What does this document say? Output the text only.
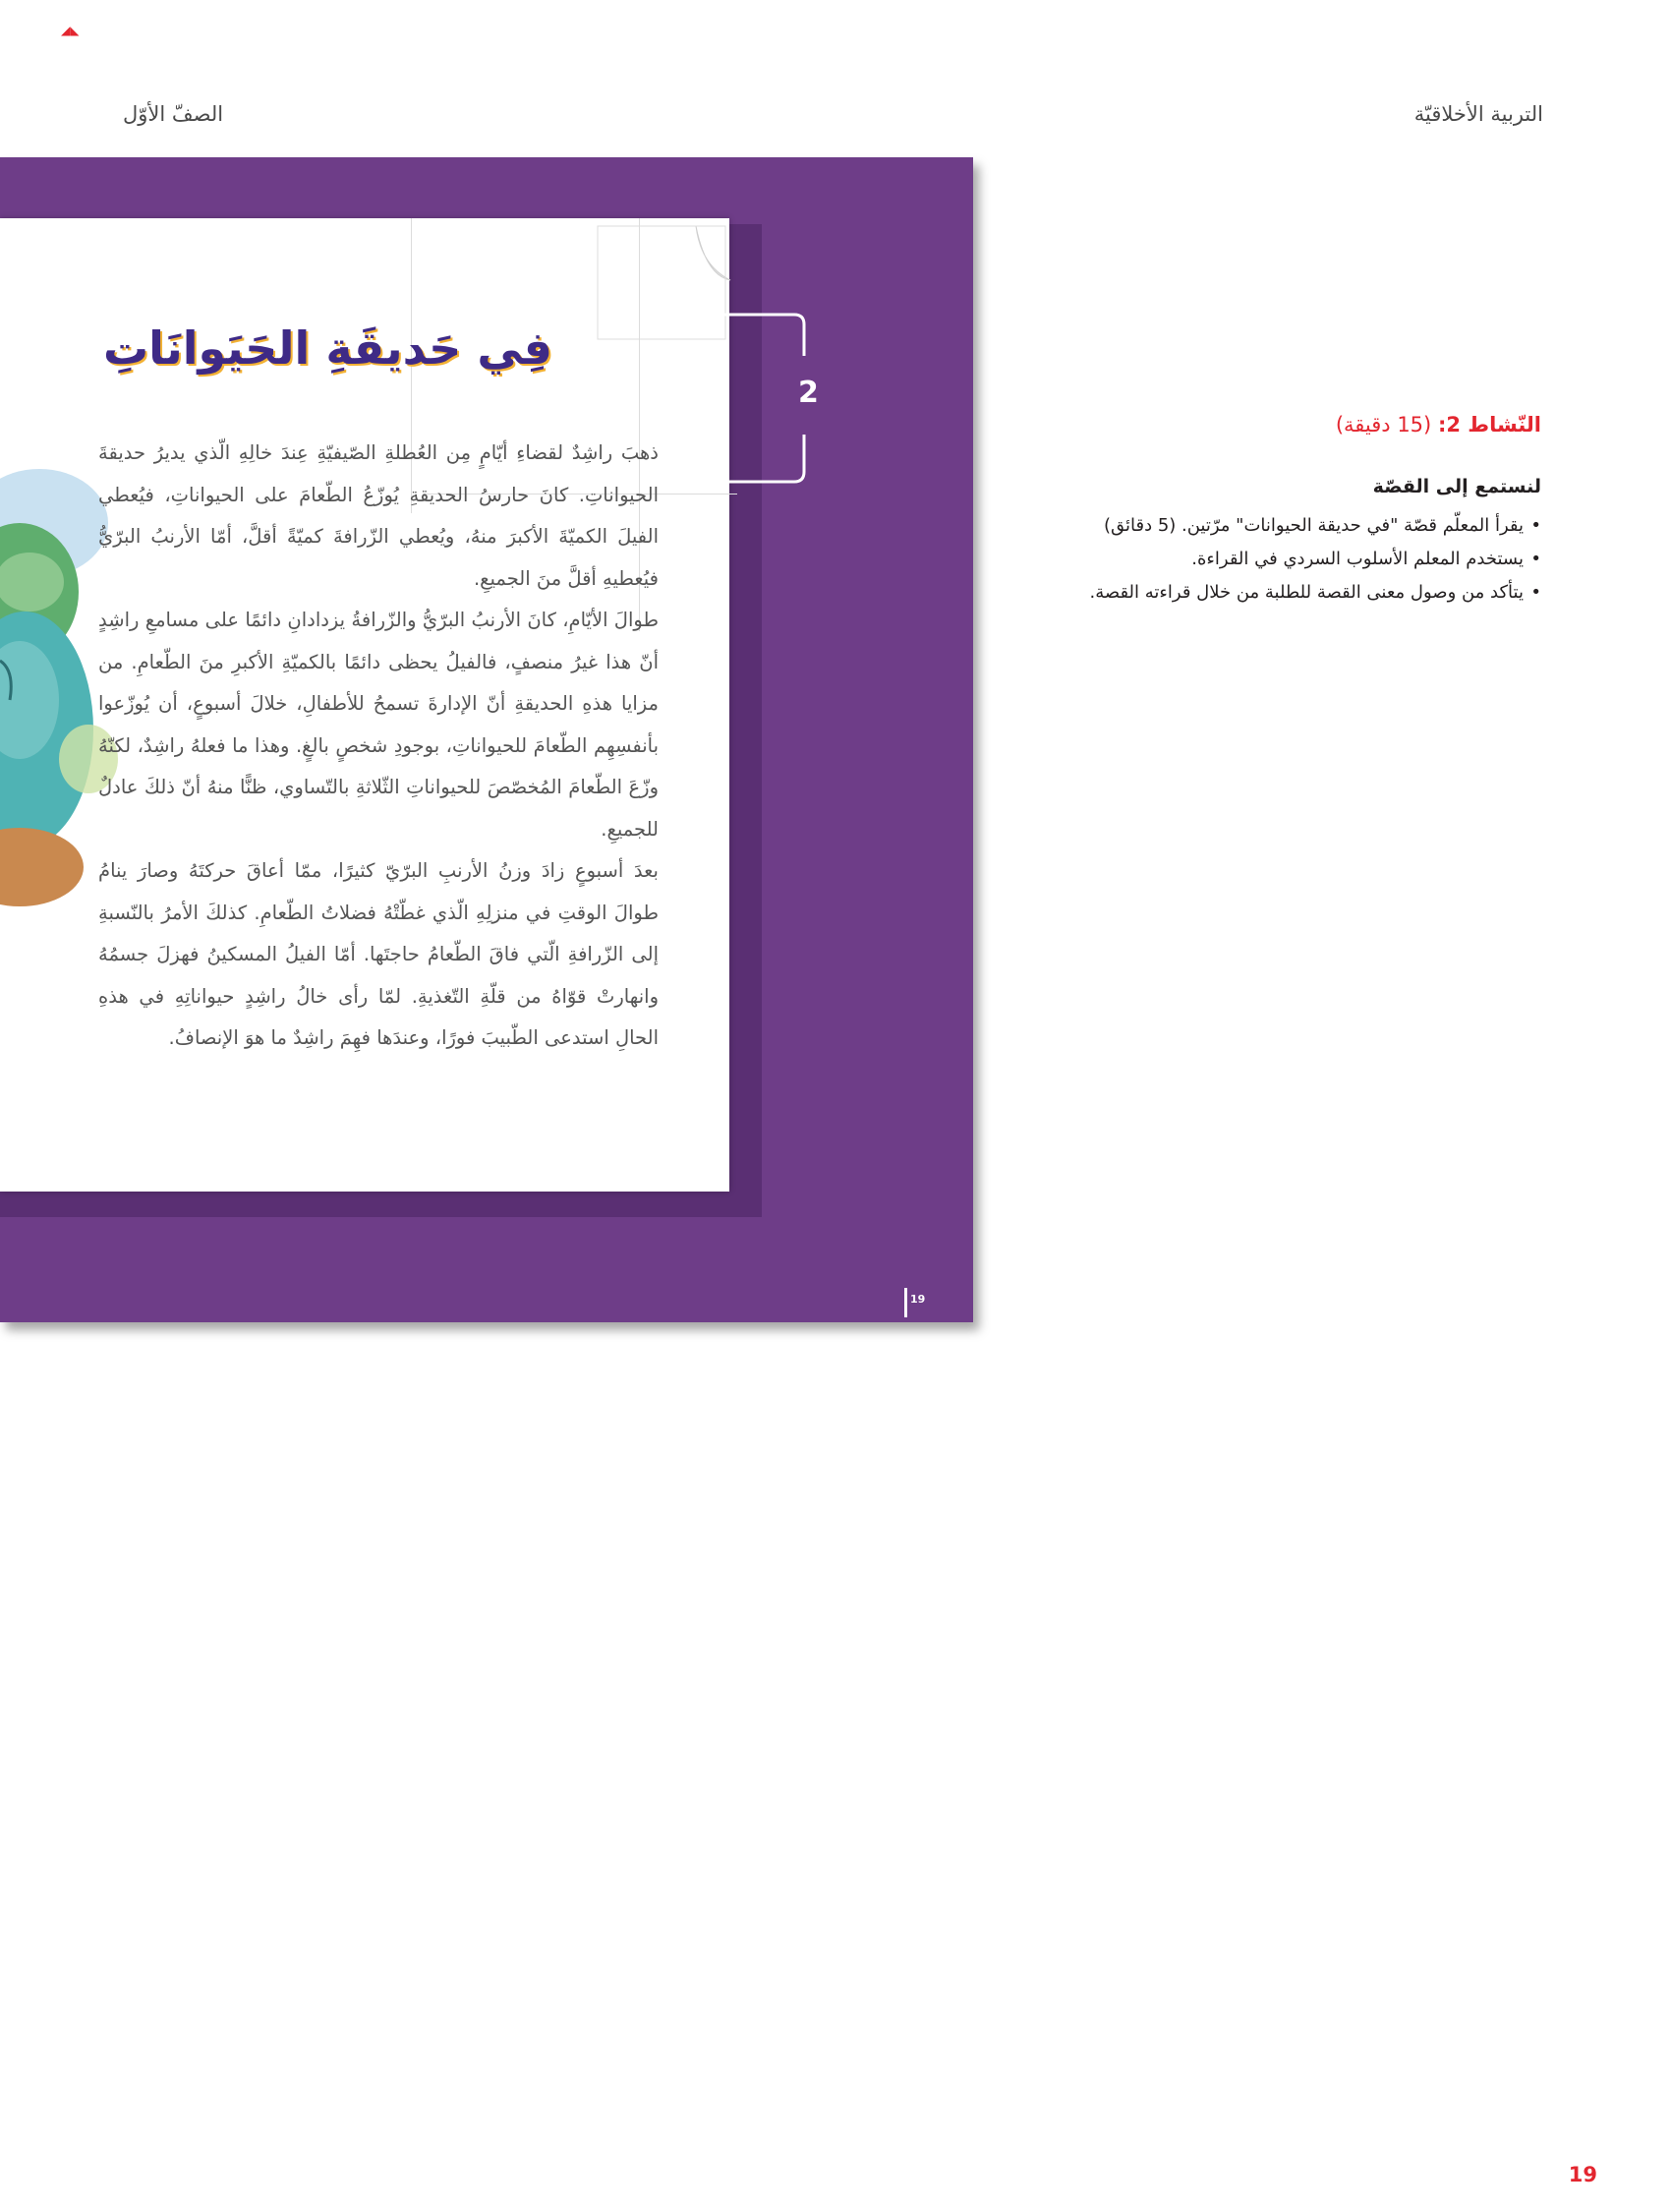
◢◣
الصفّ الأوّل	التربية الأخلاقيّة
فِي حَديقَةِ الحَيَوانَاتِ

ذهبَ راشِدٌ لقضاءِ أيّامٍ مِن العُطلةِ الصّيفيّةِ عِندَ خالِهِ الّذي يديرُ حديقةَ الحيواناتِ. كانَ حارسُ الحديقةِ يُوزّعُ الطّعامَ على الحيواناتِ، فيُعطي الفيلَ الكميّةَ الأكبرَ منهُ، ويُعطي الزّرافةَ كميّةً أقلَّ، أمّا الأرنبُ البرّيُّ فيُعطيهِ أقلَّ منَ الجميعِ.

طوالَ الأيّامِ، كانَ الأرنبُ البرّيُّ والزّرافةُ يزدادانِ دائمًا على مسامعِ راشِدٍ أنّ هذا غيرُ منصفٍ، فالفيلُ يحظى دائمًا بالكميّةِ الأكبرِ منَ الطّعامِ. من مزايا هذهِ الحديقةِ أنّ الإدارةَ تسمحُ للأطفالِ، خلالَ أسبوعٍ، أن يُوزّعوا بأنفسِهِم الطّعامَ للحيواناتِ، بوجودِ شخصٍ بالغٍ. وهذا ما فعلهُ راشِدٌ، لكنّهُ وزّعَ الطّعامَ المُخصّصَ للحيواناتِ الثّلاثةِ بالتّساوي، ظنًّا منهُ أنّ ذلكَ عادلٌ للجميعِ.

بعدَ أسبوعٍ زادَ وزنُ الأرنبِ البرّيّ كثيرًا، ممّا أعاقَ حركتَهُ وصارَ ينامُ طوالَ الوقتِ في منزلِهِ الّذي غطّتْهُ فضلاتُ الطّعامِ. كذلكَ الأمرُ بالنّسبةِ إلى الزّرافةِ الّتي فاقَ الطّعامُ حاجتَها. أمّا الفيلُ المسكينُ فهزلَ جسمُهُ وانهارتْ قوّاهُ من قلّةِ التّغذيةِ. لمّا رأى خالُ راشِدٍ حيواناتِهِ في هذهِ الحالِ استدعى الطّبيبَ فورًا، وعندَها فهِمَ راشِدٌ ما هوَ الإنصافُ.

2
19
النّشاط 2: (15 دقيقة)
لنستمع إلى القصّة
• يقرأ المعلّم قصّة "في حديقة الحيوانات" مرّتين. (5 دقائق)
• يستخدم المعلم الأسلوب السردي في القراءة.
• يتأكد من وصول معنى القصة للطلبة من خلال قراءته القصة.
19
